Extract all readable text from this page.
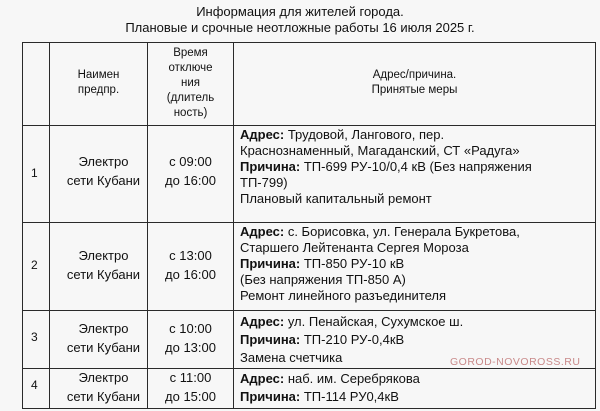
Информация для жителей города.
Плановые и срочные неотложные работы 16 июля 2025 г.
Наимен
предпр.
Время
отключе
ния
(длитель
ность)
Адрес/причина.
Принятые меры
1
Электро
сети Кубани
с 09:00
до 16:00
Адрес: Трудовой, Лангового, пер.
Краснознаменный, Магаданский, СТ «Радуга»
Причина: ТП-699 РУ-10/0,4 кВ (Без напряжения
ТП-799)
Плановый капитальный ремонт
2
Электро
сети Кубани
с 13:00
до 16:00
Адрес: с. Борисовка, ул. Генерала Букретова,
Старшего Лейтенанта Сергея Мороза
Причина: ТП-850 РУ-10 кВ
(Без напряжения ТП-850 А)
Ремонт линейного разъединителя
3
Электро
сети Кубани
с 10:00
до 13:00
Адрес: ул. Пенайская, Сухумское ш.
Причина: ТП-210 РУ-0,4кВ
Замена счетчика
4	Электро
сети Кубани
с 11:00
до 15:00
Адрес: наб. им. Серебрякова
Причина: ТП-114 РУ0,4кВ
GOROD-NOVOROSS.RU
